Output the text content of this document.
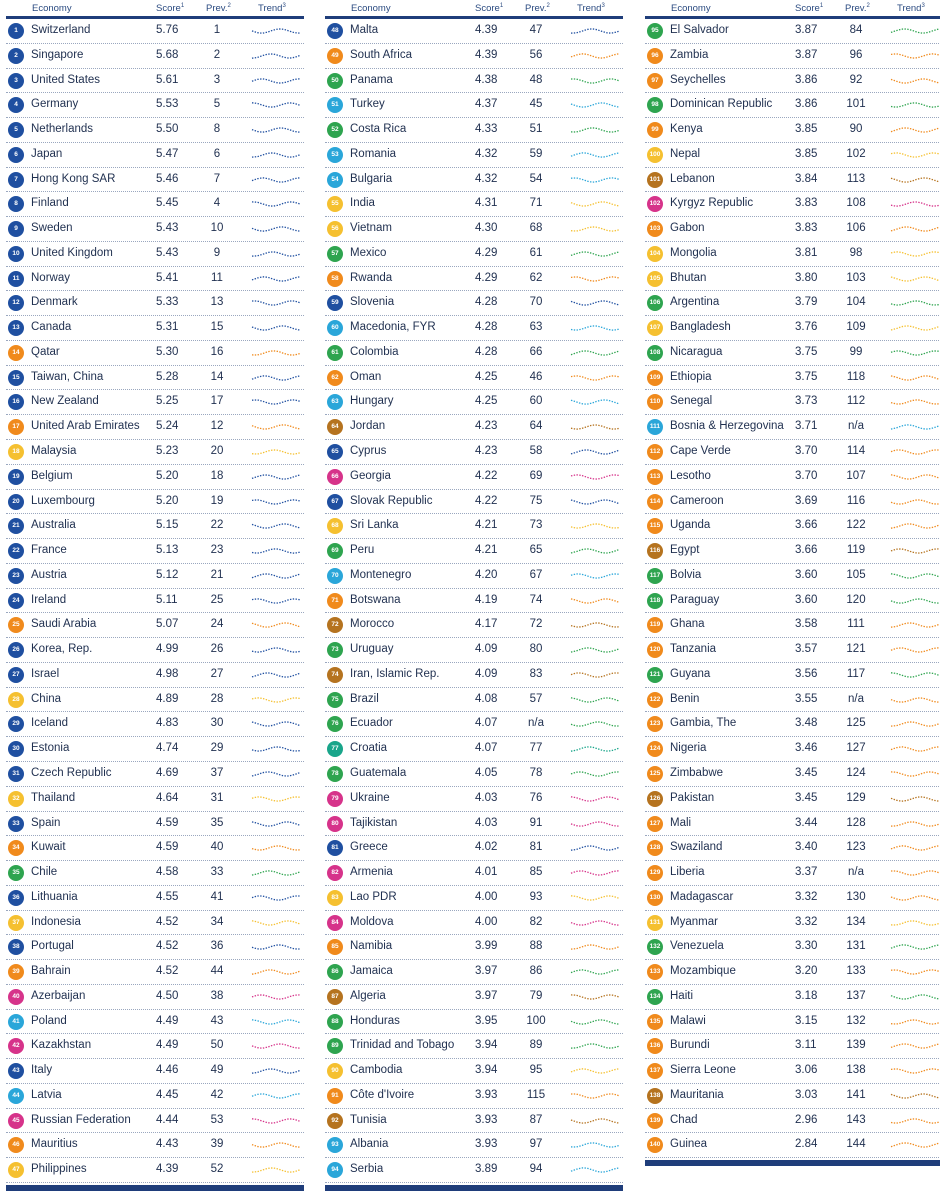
Economy	Score$^1$ Prev.$^2$	Trend$^3$
1	Switzerland	5.76	1
2	Singapore	5.68	2
3	United States	5.61	3
4	Germany	5.53	5
5	Netherlands	5.50	8
6	Japan	5.47	6
7	Hong Kong SAR	5.46	7
8	Finland	5.45	4
9	Sweden	5.43	10
10 United Kingdom	5.43	9
11	Norway	5.41	11
12 Denmark	5.33	13
13 Canada	5.31	15
14 Qatar	5.30	16
15 Taiwan, China	5.28	14
16 New Zealand	5.25	17
17 United Arab Emirates 5.24	12
18 Malaysia	5.23	20
19 Belgium	5.20	18
20 Luxembourg	5.20	19
21 Australia	5.15	22
22 France	5.13	23
23 Austria	5.12	21
24 Ireland	5.11	25
25 Saudi Arabia	5.07	24
26 Korea, Rep.	4.99	26
27 Israel	4.98	27
28 China	4.89	28
29 Iceland	4.83	30
30 Estonia	4.74	29
31 Czech Republic	4.69	37
32 Thailand	4.64	31
33 Spain	4.59	35
34 Kuwait	4.59	40
35 Chile	4.58	33
36 Lithuania	4.55	41
37 Indonesia	4.52	34
38 Portugal	4.52	36
39 Bahrain	4.52	44
40 Azerbaijan	4.50	38
41 Poland	4.49	43
42 Kazakhstan	4.49	50
43 Italy	4.46	49
44 Latvia	4.45	42
45 Russian Federation 4.44	53
46 Mauritius	4.43	39
47 Philippines	4.39	52
Economy	Score$^1$ Prev.$^2$	Trend$^3$
48 Malta	4.39	47
49 South Africa	4.39	56
50 Panama	4.38	48
51 Turkey	4.37	45
52 Costa Rica	4.33	51
53 Romania	4.32	59
54 Bulgaria	4.32	54
55 India	4.31	71
56 Vietnam	4.30	68
57 Mexico	4.29	61
58 Rwanda	4.29	62
59 Slovenia	4.28	70
60 Macedonia, FYR	4.28	63
61 Colombia	4.28	66
62 Oman	4.25	46
63 Hungary	4.25	60
64 Jordan	4.23	64
65 Cyprus	4.23	58
66 Georgia	4.22	69
67 Slovak Republic	4.22	75
68 Sri Lanka	4.21	73
69 Peru	4.21	65
70 Montenegro	4.20	67
71 Botswana	4.19	74
72 Morocco	4.17	72
73 Uruguay	4.09	80
74 Iran, Islamic Rep.	4.09	83
75 Brazil	4.08	57
76 Ecuador	4.07	n/a
77 Croatia	4.07	77
78 Guatemala	4.05	78
79 Ukraine	4.03	76
80 Tajikistan	4.03	91
81 Greece	4.02	81
82 Armenia	4.01	85
83 Lao PDR	4.00	93
84 Moldova	4.00	82
85 Namibia	3.99	88
86 Jamaica	3.97	86
87 Algeria	3.97	79
88 Honduras	3.95	100
89 Trinidad and Tobago 3.94	89
90 Cambodia	3.94	95
91 Côte d'Ivoire	3.93	115
92 Tunisia	3.93	87
93 Albania	3.93	97
94 Serbia	3.89	94
Economy	Score$^1$ Prev.$^2$	Trend$^3$
95 El Salvador	3.87	84
96 Zambia	3.87	96
97 Seychelles	3.86	92
98 Dominican Republic 3.86	101
99 Kenya	3.85	90
100 Nepal	3.85	102
101 Lebanon	3.84	113
102 Kyrgyz Republic	3.83	108
103 Gabon	3.83	106
104 Mongolia	3.81	98
105 Bhutan	3.80	103
106 Argentina	3.79	104
107 Bangladesh	3.76	109
108 Nicaragua	3.75	99
109 Ethiopia	3.75	118
110 Senegal	3.73	112
111 Bosnia & Herzegovina 3.71	n/a
112 Cape Verde	3.70	114
113 Lesotho	3.70	107
114 Cameroon	3.69	116
115 Uganda	3.66	122
116 Egypt	3.66	119
117 Bolvia	3.60	105
118 Paraguay	3.60	120
119 Ghana	3.58	111
120 Tanzania	3.57	121
121 Guyana	3.56	117
122 Benin	3.55	n/a
123 Gambia, The	3.48	125
124 Nigeria	3.46	127
125 Zimbabwe	3.45	124
126 Pakistan	3.45	129
127 Mali	3.44	128
128 Swaziland	3.40	123
129 Liberia	3.37	n/a
130 Madagascar	3.32	130
131 Myanmar	3.32	134
132 Venezuela	3.30	131
133 Mozambique	3.20	133
134 Haiti	3.18	137
135 Malawi	3.15	132
136 Burundi	3.11	139
137 Sierra Leone	3.06	138
138 Mauritania	3.03	141
139 Chad	2.96	143
140 Guinea	2.84	144
